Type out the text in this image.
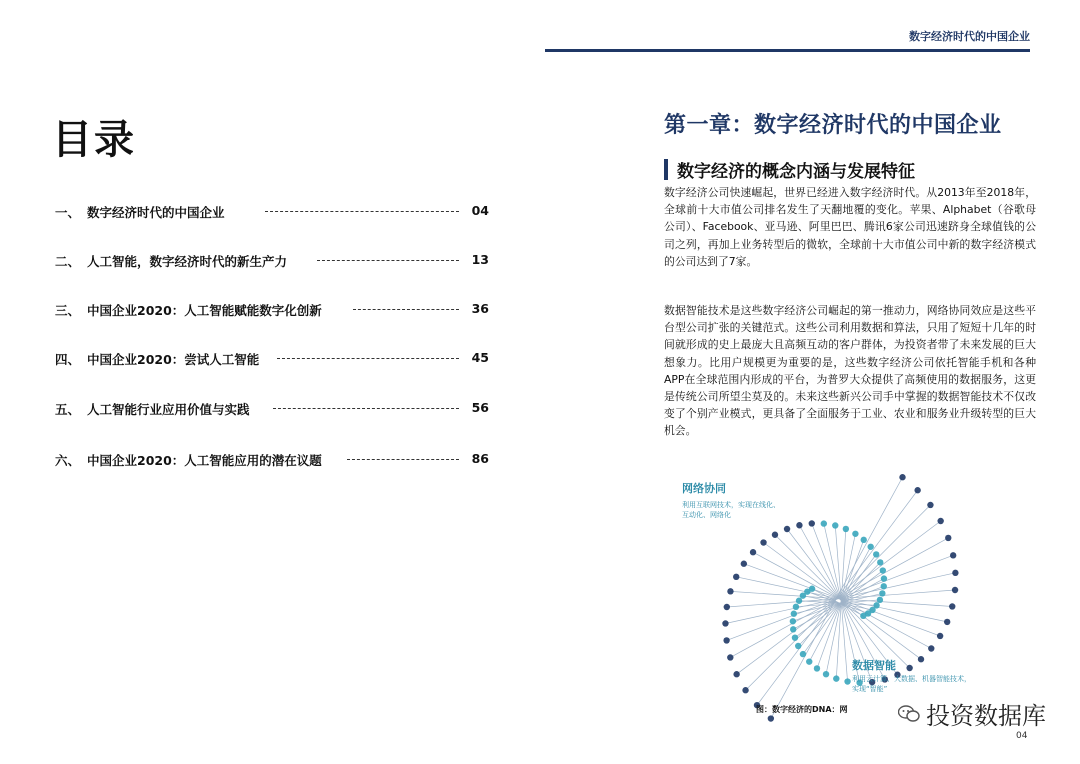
数字经济时代的中国企业
目录
一、 数字经济时代的中国企业	04
二、 人工智能，数字经济时代的新生产力	13
三、 中国企业2020：人工智能赋能数字化创新	36
四、 中国企业2020：尝试人工智能	45
五、 人工智能行业应用价值与实践	56
六、 中国企业2020：人工智能应用的潜在议题	86
第一章：数字经济时代的中国企业
数字经济的概念内涵与发展特征
数字经济公司快速崛起，世界已经进入数字经济时代。从2013年至2018年，全球前十大市值公司排名发生了天翻地覆的变化。苹果、Alphabet（谷歌母公司）、Facebook、亚马逊、阿里巴巴、腾讯6家公司迅速跻身全球值钱的公司之列，再加上业务转型后的微软，全球前十大市值公司中新的数字经济模式的公司达到了7家。
数据智能技术是这些数字经济公司崛起的第一推动力，网络协同效应是这些平台型公司扩张的关键范式。这些公司利用数据和算法，只用了短短十几年的时间就形成的史上最庞大且高频互动的客户群体，为投资者带了未来发展的巨大想象力。比用户规模更为重要的是，这些数字经济公司依托智能手机和各种APP在全球范围内形成的平台，为普罗大众提供了高频使用的数据服务，这更是传统公司所望尘莫及的。未来这些新兴公司手中掌握的数据智能技术不仅改变了个别产业模式，更具备了全面服务于工业、农业和服务业升级转型的巨大机会。
网络协同
利用互联网技术，实现在线化、
互动化、网络化
数据智能
利用云计算、大数据、机器智能技术，
实现“智能”
图：数字经济的DNA：网	投资数据库
04
